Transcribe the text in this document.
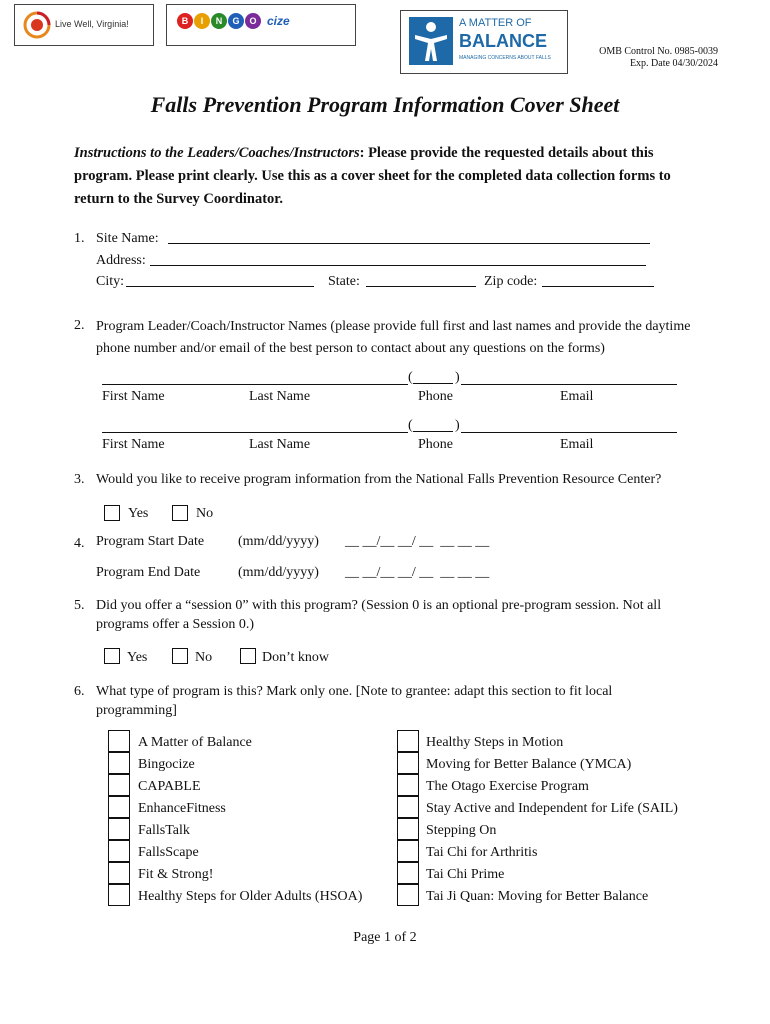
Live Well, Virginia!	B	I	N	G	O cize	A MATTER OF
BALANCE
MANAGING CONCERNS ABOUT FALLS
OMB Control No. 0985-0039
Exp. Date 04/30/2024
Falls Prevention Program Information Cover Sheet
Instructions to the Leaders/Coaches/Instructors: Please provide the requested details about this program. Please print clearly. Use this as a cover sheet for the completed data collection forms to return to the Survey Coordinator.
1. Site Name:
Address:
City:	State:	Zip code:
2. Program Leader/Coach/Instructor Names (please provide full first and last names and provide the daytime phone number and/or email of the best person to contact about any questions on the forms)
(	)
First Name	Last Name	Phone	Email
(	)
First Name	Last Name	Phone	Email
3. Would you like to receive program information from the National Falls Prevention Resource Center?
Yes	No
4. Program Start Date (mm/dd/yyyy) __ __/__ __/ __  __ __ __
Program End Date	(mm/dd/yyyy) __ __/__ __/ __  __ __ __
5. Did you offer a “session 0” with this program? (Session 0 is an optional pre-program session. Not all programs offer a Session 0.)
Yes	No	Don’t know
6. What type of program is this? Mark only one. [Note to grantee: adapt this section to fit local programming]
A Matter of Balance
Bingocize
CAPABLE
EnhanceFitness
FallsTalk
FallsScape
Fit & Strong!
Healthy Steps for Older Adults (HSOA)
Healthy Steps in Motion
Moving for Better Balance (YMCA)
The Otago Exercise Program
Stay Active and Independent for Life (SAIL)
Stepping On
Tai Chi for Arthritis
Tai Chi Prime
Tai Ji Quan: Moving for Better Balance
Page 1 of 2
